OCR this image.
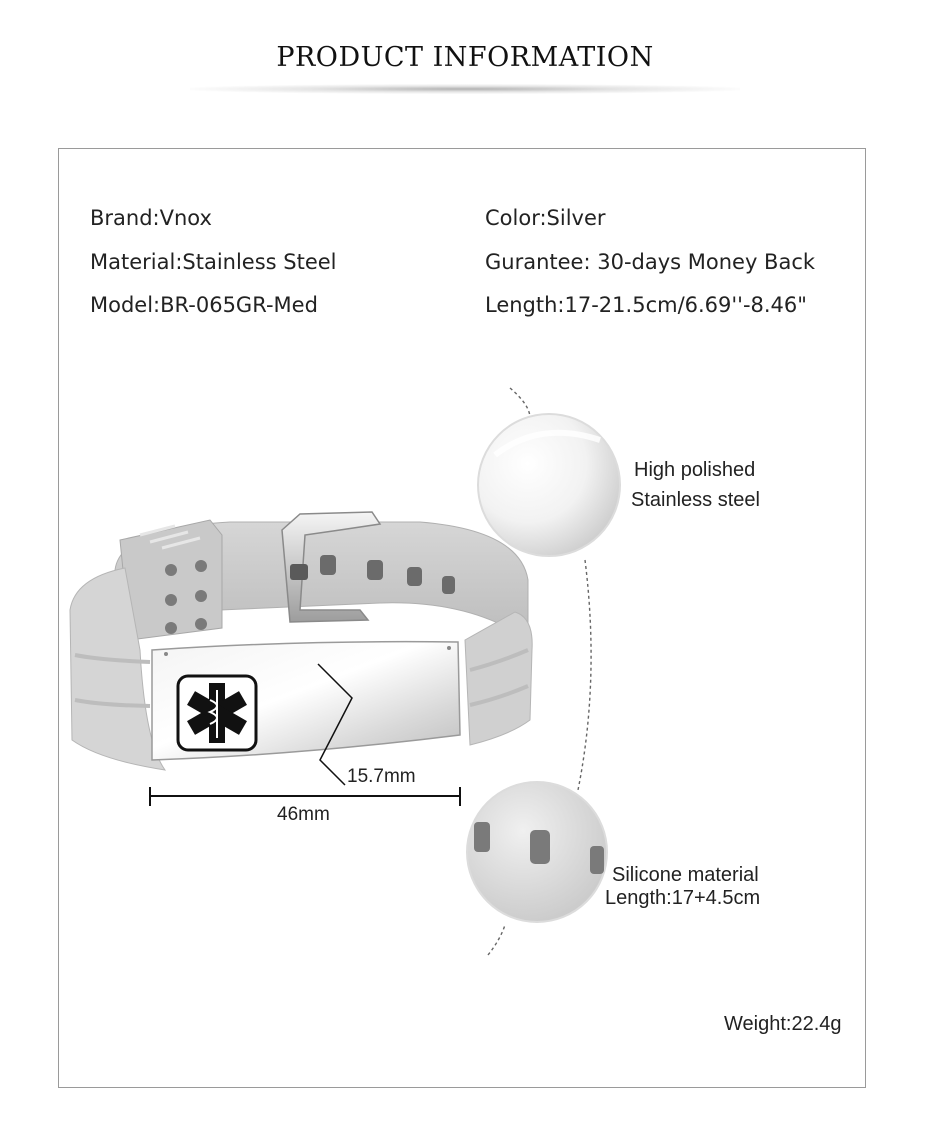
PRODUCT INFORMATION
Brand:Vnox
Material:Stainless Steel
Model:BR-065GR-Med
Color:Silver
Gurantee: 30-days Money Back
Length:17-21.5cm/6.69''-8.46"
High polished
Stainless steel
15.7mm
46mm
Silicone material
Length:17+4.5cm
Weight:22.4g
